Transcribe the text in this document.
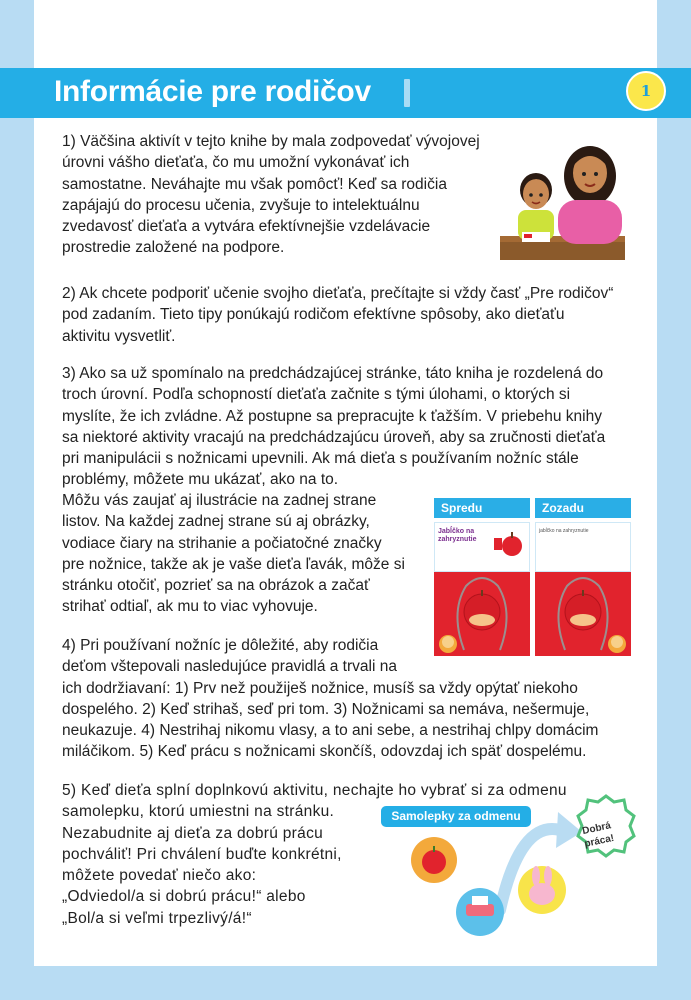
Informácie pre rodičov	1

1) Väčšina aktivít v tejto knihe by mala zodpovedať vývojovej
úrovni vášho dieťaťa, čo mu umožní vykonávať ich
samostatne. Neváhajte mu však pomôcť! Keď sa rodičia
zapájajú do procesu učenia, zvyšuje to intelektuálnu
zvedavosť dieťaťa a vytvára efektívnejšie vzdelávacie
prostredie založené na podpore.

2) Ak chcete podporiť učenie svojho dieťaťa, prečítajte si vždy časť „Pre rodičov“
pod zadaním. Tieto tipy ponúkajú rodičom efektívne spôsoby, ako dieťaťu
aktivitu vysvetliť.

3) Ako sa už spomínalo na predchádzajúcej stránke, táto kniha je rozdelená do
troch úrovní. Podľa schopností dieťaťa začnite s tými úlohami, o ktorých si
myslíte, že ich zvládne. Až postupne sa prepracujte k ťažším. V priebehu knihy
sa niektoré aktivity vracajú na predchádzajúcu úroveň, aby sa zručnosti dieťaťa
pri manipulácii s nožnicami upevnili. Ak má dieťa s používaním nožníc stále
problémy, môžete mu ukázať, ako na to.

Môžu vás zaujať aj ilustrácie na zadnej strane
listov. Na každej zadnej strane sú aj obrázky,
vodiace čiary na strihanie a počiatočné značky
pre nožnice, takže ak je vaše dieťa ľavák, môže si
stránku otočiť, pozrieť sa na obrázok a začať
strihať odtiaľ, ak mu to viac vyhovuje.

Spredu
Jabĺčko na
zahryznutie
Zozadu
jabĺčko na zahryznutie

4) Pri používaní nožníc je dôležité, aby rodičia
deťom vštepovali nasledujúce pravidlá a trvali na
ich dodržiavaní: 1) Prv než použiješ nožnice, musíš sa vždy opýtať niekoho
dospelého. 2) Keď strihaš, seď pri tom. 3) Nožnicami sa nemáva, nešermuje,
neukazuje. 4) Nestrihaj nikomu vlasy, a to ani sebe, a nestrihaj chlpy domácim
miláčikom. 5) Keď prácu s nožnicami skončíš, odovzdaj ich späť dospelému.

5) Keď dieťa splní doplnkovú aktivitu, nechajte ho vybrať si za odmenu
samolepku, ktorú umiestni na stránku.
Nezabudnite aj dieťa za dobrú prácu
pochváliť! Pri chválení buďte konkrétni,
môžete povedať niečo ako:
„Odviedol/a si dobrú prácu!“ alebo
„Bol/a si veľmi trpezlivý/á!“

Samolepky za odmenu
Dobrá
práca!
